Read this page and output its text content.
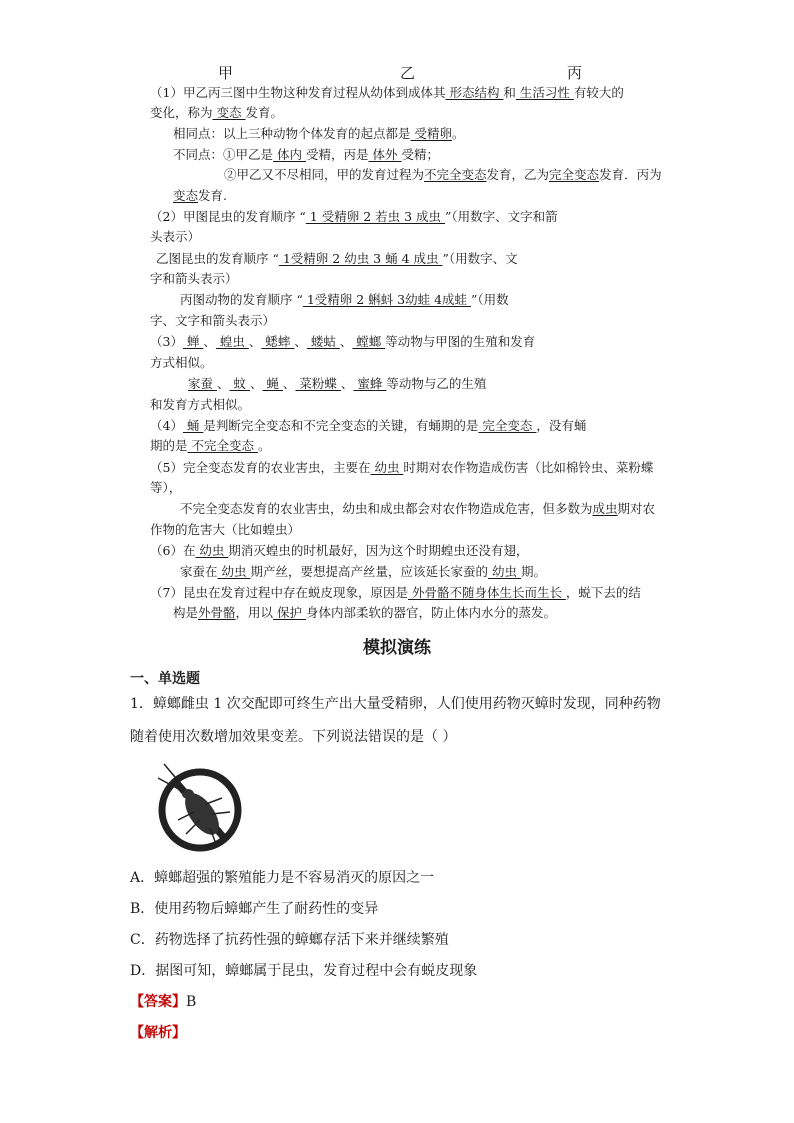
甲	乙	丙
（1）甲乙丙三图中生物这种发育过程从幼体到成体其 形态结构 和 生活习性 有较大的
变化，称为 变态 发育。
相同点：以上三种动物个体发育的起点都是 受精卵。
不同点：①甲乙是 体内 受精，丙是 体外 受精；
②甲乙又不尽相同，甲的发育过程为不完全变态发育，乙为完全变态发育．丙为
变态发育.
（2）甲图昆虫的发育顺序 “ 1 受精卵 2 若虫 3 成虫 ”（用数字、文字和箭
头表示）
乙图昆虫的发育顺序 “ 1受精卵 2 幼虫 3 蛹 4 成虫 ”（用数字、文
字和箭头表示）
丙图动物的发育顺序 “ 1受精卵 2 蝌蚪 3幼蛙 4成蛙 ”（用数
字、文字和箭头表示）
（3） 蝉 、 蝗虫 、 蟋蟀 、 蝼蛄 、 螳螂 等动物与甲图的生殖和发育
方式相似。
家蚕 、 蚊 、 蝇 、 菜粉蝶 、 蜜蜂 等动物与乙的生殖
和发育方式相似。
（4） 蛹 是判断完全变态和不完全变态的关键，有蛹期的是 完全变态 ，没有蛹
期的是 不完全变态 。
（5）完全变态发育的农业害虫，主要在 幼虫 时期对农作物造成伤害（比如棉铃虫、菜粉蝶
等），
不完全变态发育的农业害虫，幼虫和成虫都会对农作物造成危害，但多数为成虫期对农
作物的危害大（比如蝗虫）
（6）在 幼虫 期消灭蝗虫的时机最好，因为这个时期蝗虫还没有翅，
家蚕在 幼虫 期产丝，要想提高产丝量，应该延长家蚕的 幼虫 期。
（7）昆虫在发育过程中存在蜕皮现象，原因是 外骨骼不随身体生长而生长 ，蜕下去的结
构是外骨骼，用以 保护 身体内部柔软的器官，防止体内水分的蒸发。
模拟演练
一、单选题
1．蟑螂雌虫 1 次交配即可终生产出大量受精卵，人们使用药物灭蟑时发现，同种药物
随着使用次数增加效果变差。下列说法错误的是（ ）
A．蟑螂超强的繁殖能力是不容易消灭的原因之一
B．使用药物后蟑螂产生了耐药性的变异
C．药物选择了抗药性强的蟑螂存活下来并继续繁殖
D．据图可知，蟑螂属于昆虫，发育过程中会有蜕皮现象
【答案】B
【解析】
